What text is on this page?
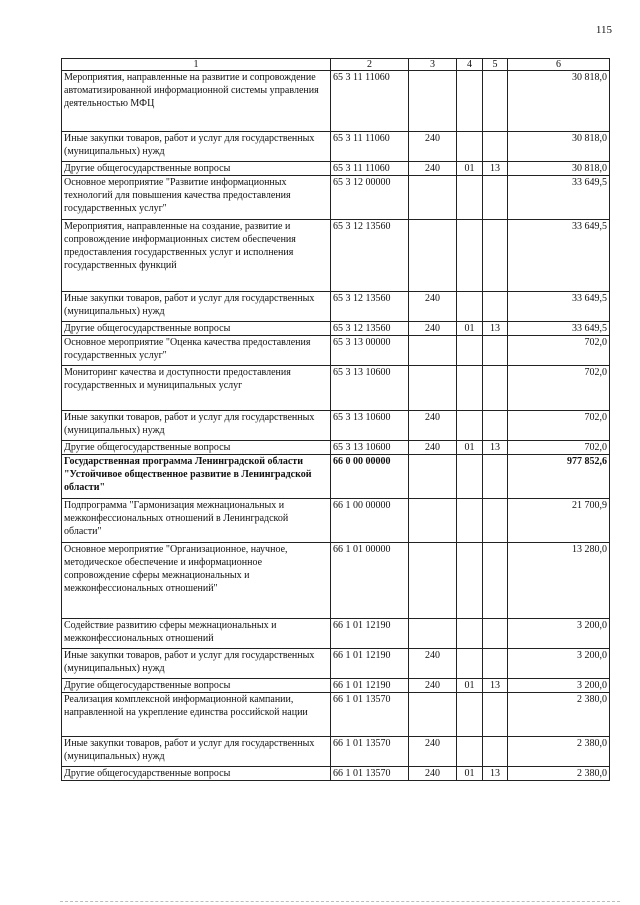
115
1	2	3	4	5	6
Мероприятия, направленные на развитие и сопровождение автоматизированной информационной системы управления деятельностью МФЦ	65 3 11 11060				30 818,0
Иные закупки товаров, работ и услуг для государственных (муниципальных) нужд	65 3 11 11060	240			30 818,0
Другие общегосударственные вопросы	65 3 11 11060	240	01	13	30 818,0
Основное мероприятие "Развитие информационных технологий для повышения качества предоставления государственных услуг"	65 3 12 00000				33 649,5
Мероприятия, направленные на создание, развитие и сопровождение информационных систем обеспечения предоставления государственных услуг и исполнения государственных функций	65 3 12 13560				33 649,5
Иные закупки товаров, работ и услуг для государственных (муниципальных) нужд	65 3 12 13560	240			33 649,5
Другие общегосударственные вопросы	65 3 12 13560	240	01	13	33 649,5
Основное мероприятие "Оценка качества предоставления государственных услуг"	65 3 13 00000				702,0
Мониторинг качества и доступности предоставления государственных и муниципальных услуг	65 3 13 10600				702,0
Иные закупки товаров, работ и услуг для государственных (муниципальных) нужд	65 3 13 10600	240			702,0
Другие общегосударственные вопросы	65 3 13 10600	240	01	13	702,0
Государственная программа Ленинградской области "Устойчивое общественное развитие в Ленинградской области"	66 0 00 00000				977 852,6
Подпрограмма "Гармонизация межнациональных и межконфессиональных отношений в Ленинградской области"	66 1 00 00000				21 700,9
Основное мероприятие "Организационное, научное, методическое обеспечение и информационное сопровождение сферы межнациональных и межконфессиональных отношений"	66 1 01 00000				13 280,0
Содействие развитию сферы межнациональных и межконфессиональных отношений	66 1 01 12190				3 200,0
Иные закупки товаров, работ и услуг для государственных (муниципальных) нужд	66 1 01 12190	240			3 200,0
Другие общегосударственные вопросы	66 1 01 12190	240	01	13	3 200,0
Реализация комплексной информационной кампании, направленной на укрепление единства российской нации	66 1 01 13570				2 380,0
Иные закупки товаров, работ и услуг для государственных (муниципальных) нужд	66 1 01 13570	240			2 380,0
Другие общегосударственные вопросы	66 1 01 13570	240	01	13	2 380,0
